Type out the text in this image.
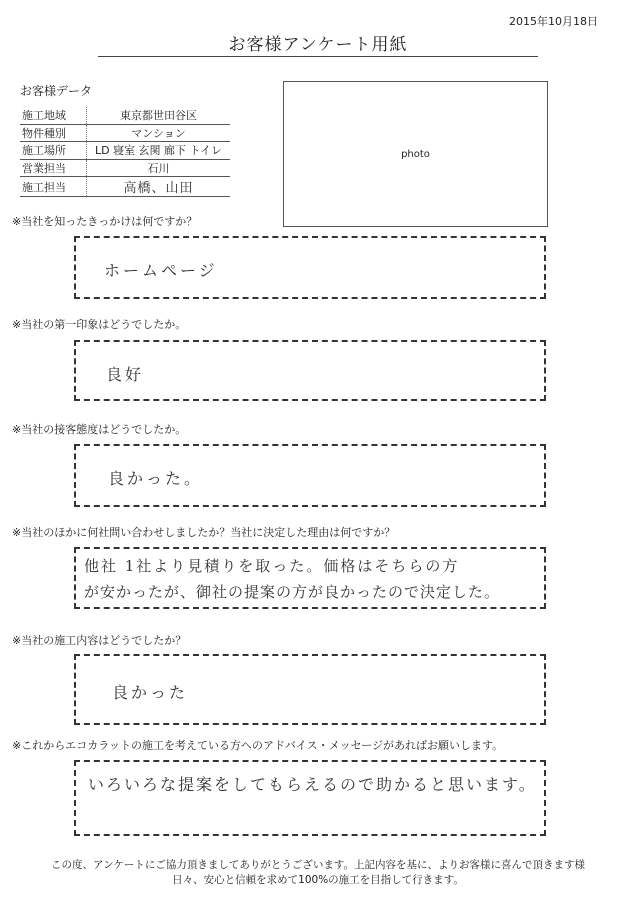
2015年10月18日
お客様アンケート用紙
お客様データ
施工地域	東京都世田谷区
物件種別	マンション
施工場所	LD 寝室 玄関 廊下 トイレ
営業担当	石川
施工担当	高橋、山田
photo
※当社を知ったきっかけは何ですか？
ホームページ
※当社の第一印象はどうでしたか。
良好
※当社の接客態度はどうでしたか。
良かった。
※当社のほかに何社問い合わせしましたか？当社に決定した理由は何ですか？
他社 1社より見積りを取った。価格はそちらの方
が安かったが、御社の提案の方が良かったので決定した。
※当社の施工内容はどうでしたか？
良かった
※これからエコカラットの施工を考えている方へのアドバイス・メッセージがあればお願いします。
いろいろな提案をしてもらえるので助かると思います。
この度、アンケートにご協力頂きましてありがとうございます。上記内容を基に、よりお客様に喜んで頂きます様
日々、安心と信頼を求めて100%の施工を目指して行きます。
